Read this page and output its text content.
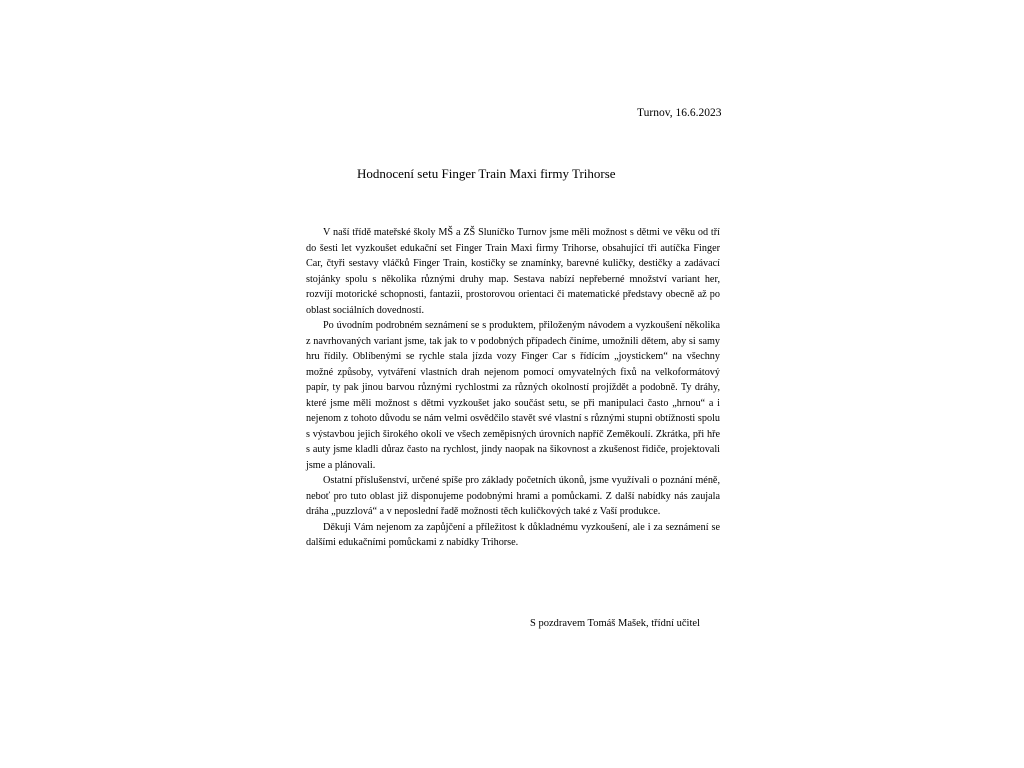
Turnov, 16.6.2023
Hodnocení setu Finger Train Maxi firmy Trihorse

V naší třídě mateřské školy MŠ a ZŠ Sluníčko Turnov jsme měli možnost s dětmi ve věku od tří do šesti let vyzkoušet edukační set Finger Train Maxi firmy Trihorse, obsahující tři autíčka Finger Car, čtyři sestavy vláčků Finger Train, kostičky se znamínky, barevné kuličky, destičky a zadávací stojánky spolu s několika různými druhy map. Sestava nabízí nepřeberné množství variant her, rozvíjí motorické schopnosti, fantazii, prostorovou orientaci či matematické představy obecně až po oblast sociálních dovedností.

Po úvodním podrobném seznámení se s produktem, přiloženým návodem a vyzkoušení několika z navrhovaných variant jsme, tak jak to v podobných případech činíme, umožnili dětem, aby si samy hru řídily. Oblíbenými se rychle stala jízda vozy Finger Car s řídícím „joystickem“ na všechny možné způsoby, vytváření vlastních drah nejenom pomocí omyvatelných fixů na velkoformátový papír, ty pak jinou barvou různými rychlostmi za různých okolností projíždět a podobně. Ty dráhy, které jsme měli možnost s dětmi vyzkoušet jako součást setu, se při manipulaci často „hrnou“ a i nejenom z tohoto důvodu se nám velmi osvědčilo stavět své vlastní s různými stupni obtížnosti spolu s výstavbou jejich širokého okolí ve všech zeměpisných úrovních napříč Zeměkoulí. Zkrátka, při hře s auty jsme kladli důraz často na rychlost, jindy naopak na šikovnost a zkušenost řidiče, projektovali jsme a plánovali.

Ostatní příslušenství, určené spíše pro základy početních úkonů, jsme využívali o poznání méně, neboť pro tuto oblast již disponujeme podobnými hrami a pomůckami. Z další nabídky nás zaujala dráha „puzzlová“ a v neposlední řadě možnosti těch kuličkových také z Vaší produkce.

Děkuji Vám nejenom za zapůjčení a příležitost k důkladnému vyzkoušení, ale i za seznámení se dalšími edukačními pomůckami z nabídky Trihorse.

S pozdravem Tomáš Mašek, třídní učitel
